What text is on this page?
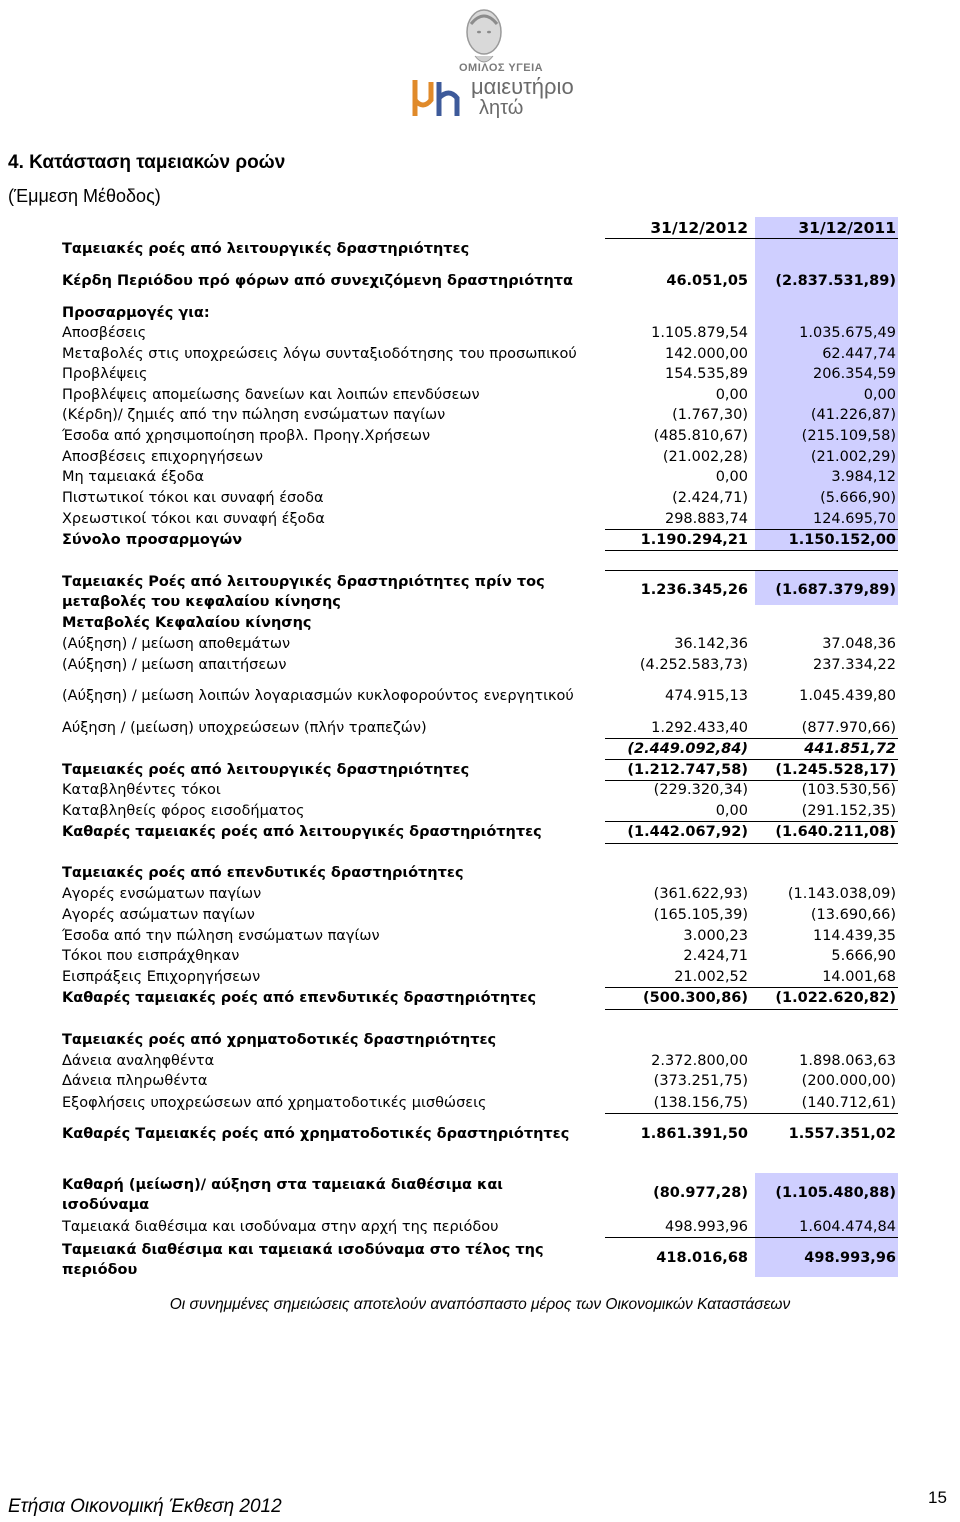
ΟΜΙΛΟΣ ΥΓΕΙΑ
μαιευτήριο
λητώ
4. Κατάσταση ταμειακών ροών
(Έμμεση Μέθοδος)
31/12/2012	31/12/2011
Ταμειακές ροές από λειτουργικές δραστηριότητες
Κέρδη Περιόδου πρό φόρων από συνεχιζόμενη δραστηριότητα	46.051,05	(2.837.531,89)
Προσαρμογές για:
Αποσβέσεις	1.105.879,54	1.035.675,49
Μεταβολές στις υποχρεώσεις λόγω συνταξιοδότησης του προσωπικού	142.000,00	62.447,74
Προβλέψεις	154.535,89	206.354,59
Προβλέψεις απομείωσης δανείων και λοιπών επενδύσεων	0,00	0,00
(Κέρδη)/ ζημιές από την πώληση ενσώματων παγίων	(1.767,30)	(41.226,87)
Έσοδα από χρησιμοποίηση προβλ. Προηγ.Χρήσεων	(485.810,67)	(215.109,58)
Αποσβέσεις επιχορηγήσεων	(21.002,28)	(21.002,29)
Μη ταμειακά έξοδα	0,00	3.984,12
Πιστωτικοί τόκοι και συναφή έσοδα	(2.424,71)	(5.666,90)
Χρεωστικοί τόκοι και συναφή έξοδα	298.883,74	124.695,70
Σύνολο προσαρμογών	1.190.294,21	1.150.152,00
Ταμειακές Ροές από λειτουργικές δραστηριότητες πρίν τος μεταβολές του κεφαλαίου κίνησης
1.236.345,26	(1.687.379,89)
Μεταβολές Κεφαλαίου κίνησης
(Αύξηση) / μείωση αποθεμάτων	36.142,36	37.048,36
(Αύξηση) / μείωση απαιτήσεων	(4.252.583,73)	237.334,22
(Αύξηση) / μείωση λοιπών λογαριασμών κυκλοφορούντος ενεργητικού	474.915,13	1.045.439,80
Αύξηση / (μείωση) υποχρεώσεων (πλήν τραπεζών)	1.292.433,40	(877.970,66)
(2.449.092,84)	441.851,72
Ταμειακές ροές από λειτουργικές δραστηριότητες	(1.212.747,58)	(1.245.528,17)
Καταβληθέντες τόκοι	(229.320,34)	(103.530,56)
Καταβληθείς φόρος εισοδήματος	0,00	(291.152,35)
Καθαρές ταμειακές ροές από λειτουργικές δραστηριότητες	(1.442.067,92)	(1.640.211,08)
Ταμειακές ροές από επενδυτικές δραστηριότητες
Αγορές ενσώματων παγίων	(361.622,93)	(1.143.038,09)
Αγορές ασώματων παγίων	(165.105,39)	(13.690,66)
Έσοδα από την πώληση ενσώματων παγίων	3.000,23	114.439,35
Τόκοι που εισπράχθηκαν	2.424,71	5.666,90
Εισπράξεις Επιχορηγήσεων	21.002,52	14.001,68
Καθαρές ταμειακές ροές από επενδυτικές δραστηριότητες	(500.300,86)	(1.022.620,82)
Ταμειακές ροές από χρηματοδοτικές δραστηριότητες
Δάνεια αναληφθέντα	2.372.800,00	1.898.063,63
Δάνεια πληρωθέντα	(373.251,75)	(200.000,00)
Εξοφλήσεις υποχρεώσεων από χρηματοδοτικές μισθώσεις	(138.156,75)	(140.712,61)
Καθαρές Ταμειακές ροές από χρηματοδοτικές δραστηριότητες	1.861.391,50	1.557.351,02
Καθαρή (μείωση)/ αύξηση στα ταμειακά διαθέσιμα και ισοδύναμα
(80.977,28)	(1.105.480,88)
Ταμειακά διαθέσιμα και ισοδύναμα στην αρχή της περιόδου	498.993,96	1.604.474,84
Ταμειακά διαθέσιμα και ταμειακά ισοδύναμα στο τέλος της περιόδου
418.016,68	498.993,96
Οι συνημμένες σημειώσεις αποτελούν αναπόσπαστο μέρος των Οικονομικών Καταστάσεων
Ετήσια Οικονομική Έκθεση 2012	15
